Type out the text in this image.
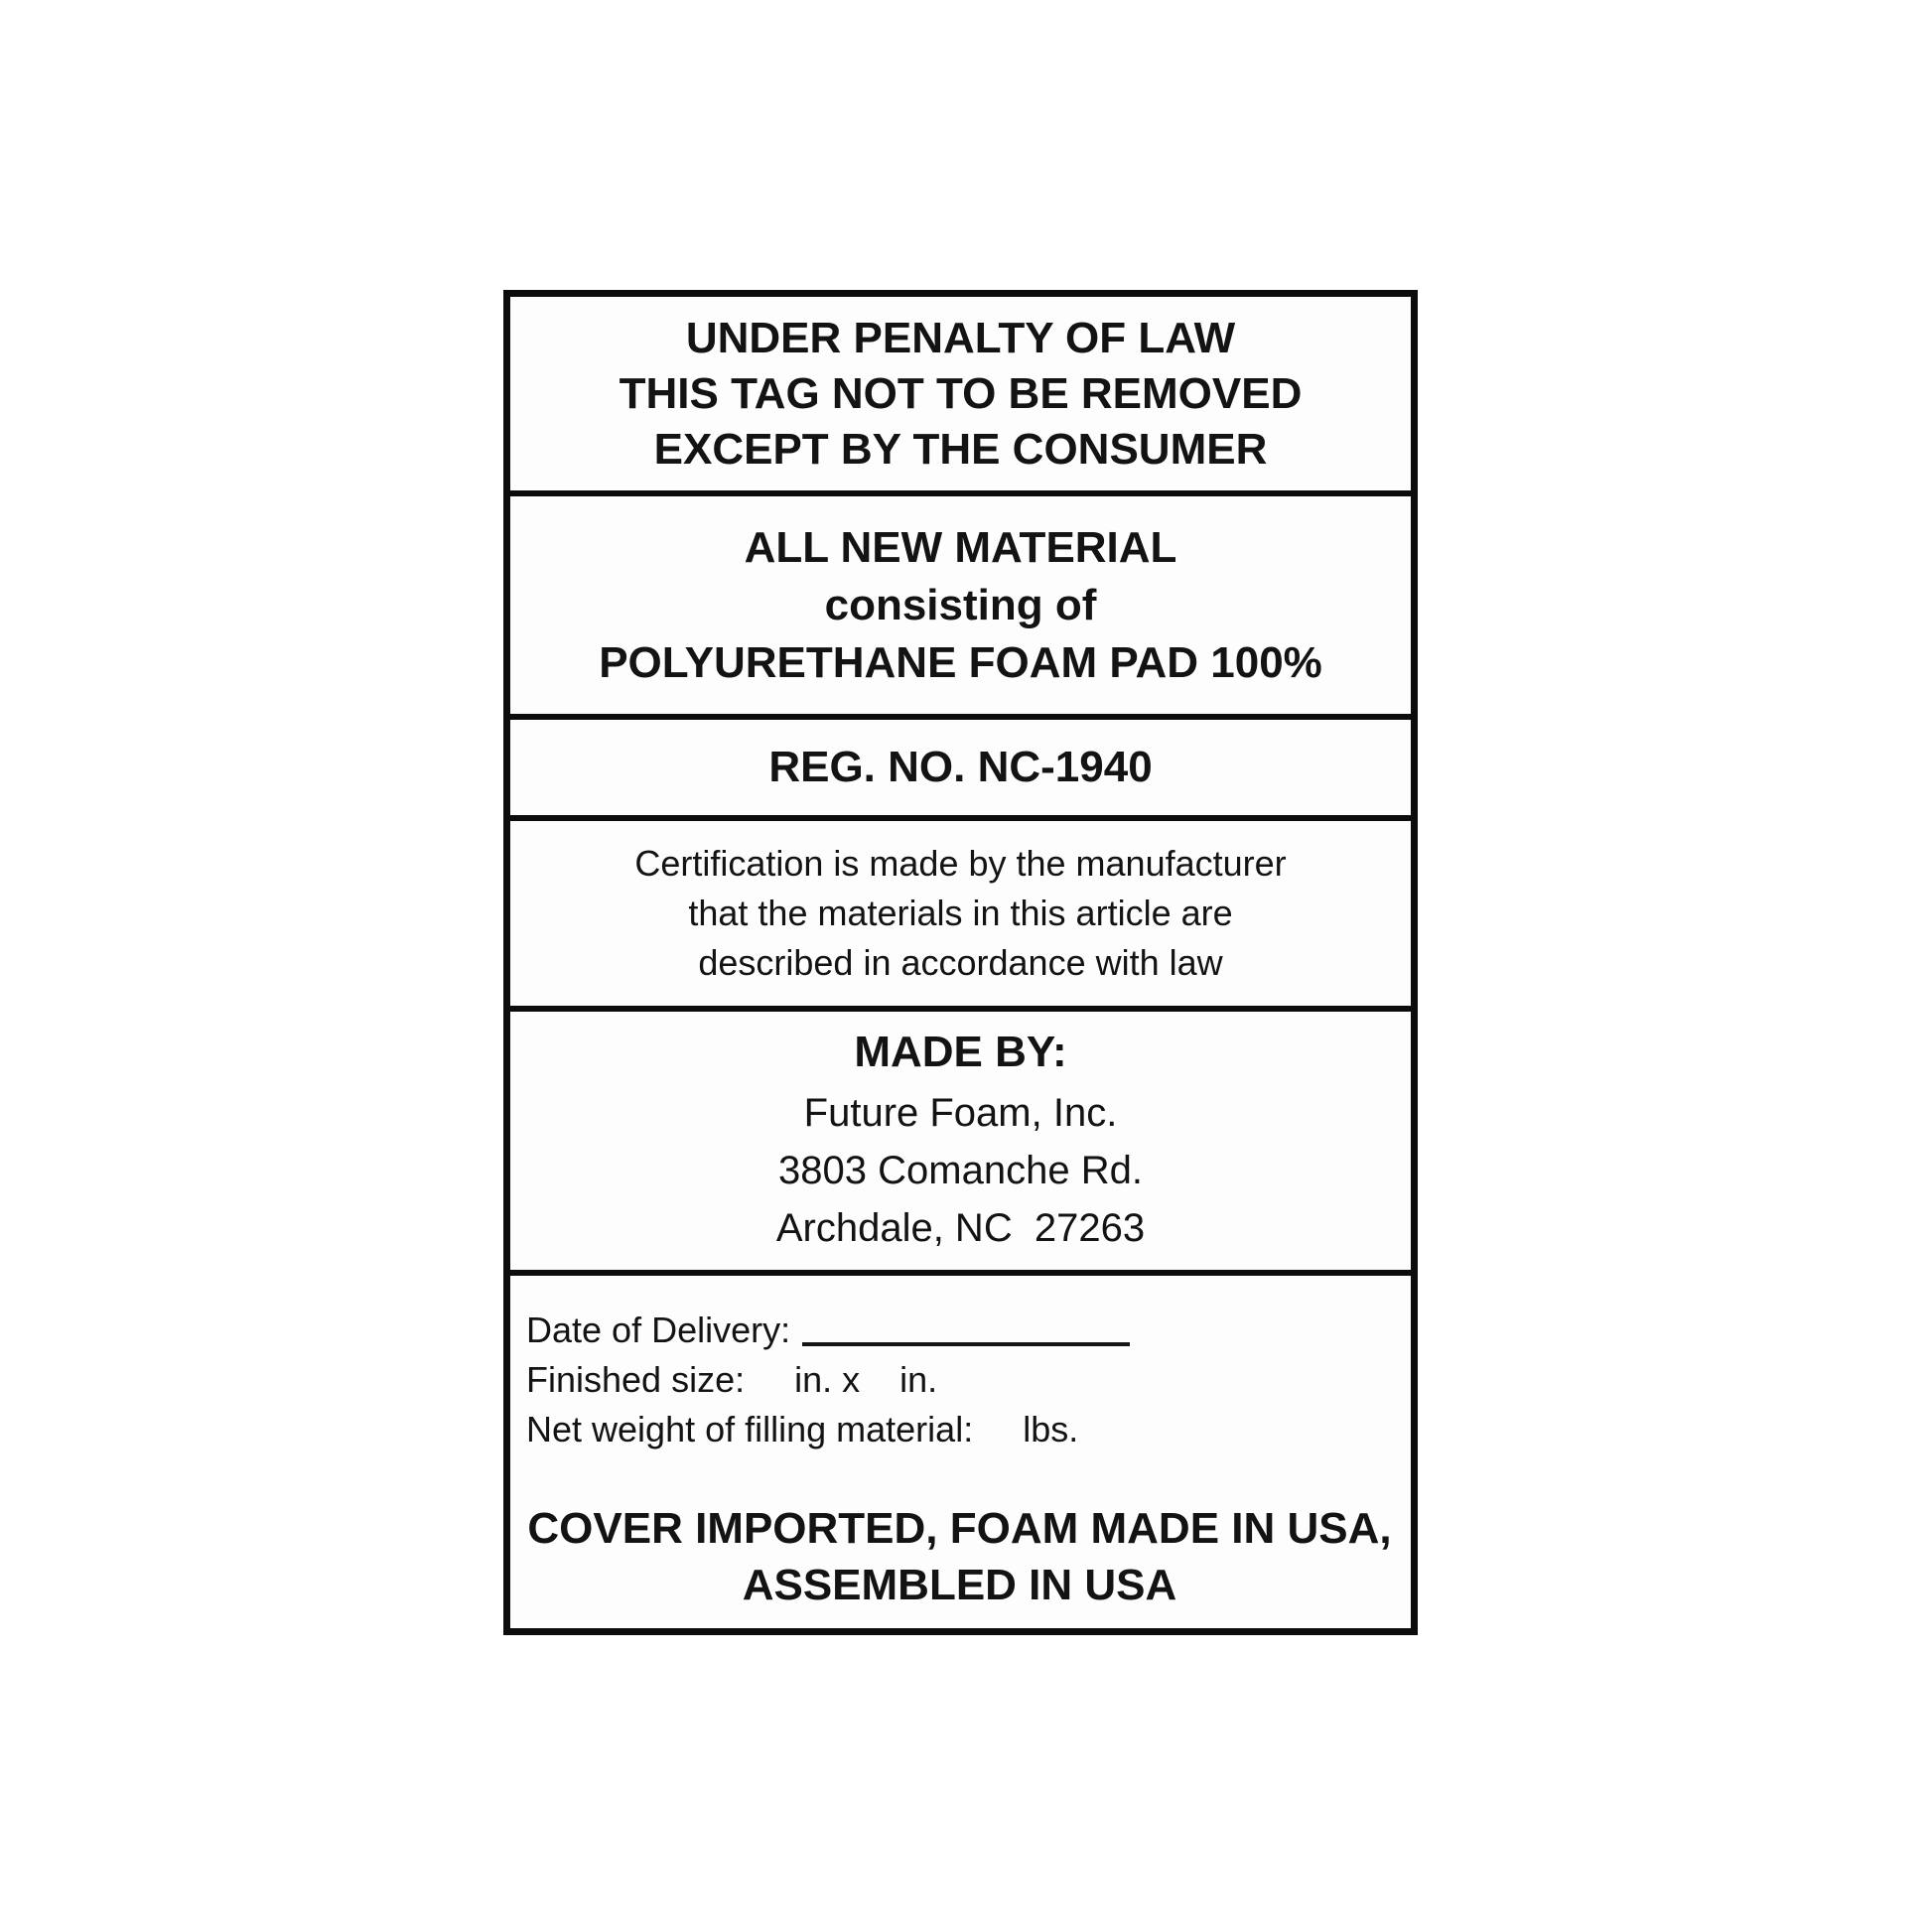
UNDER PENALTY OF LAW
THIS TAG NOT TO BE REMOVED
EXCEPT BY THE CONSUMER
ALL NEW MATERIAL
consisting of
POLYURETHANE FOAM PAD 100%
REG. NO. NC-1940
Certification is made by the manufacturer
that the materials in this article are
described in accordance with law
MADE BY:
Future Foam, Inc.
3803 Comanche Rd.
Archdale, NC  27263
Date of Delivery:
Finished size:     in. x    in.
Net weight of filling material:     lbs.
COVER IMPORTED, FOAM MADE IN USA,
ASSEMBLED IN USA
